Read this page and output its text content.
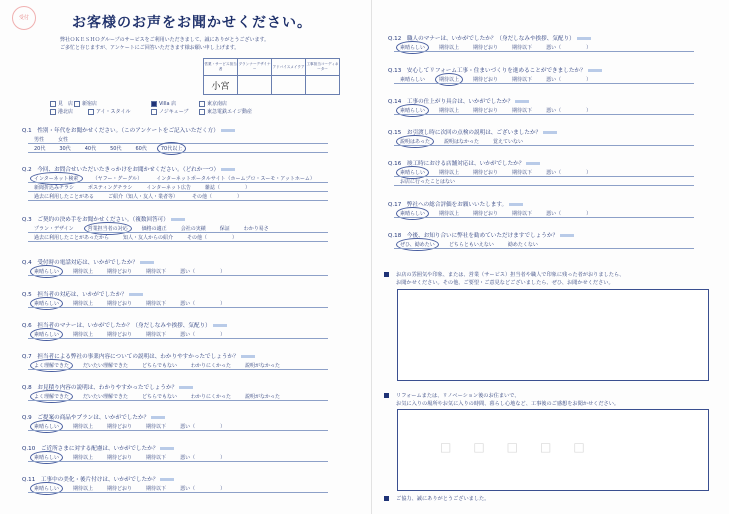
受付	お客様のお声をお聞かせください。
弊社ＯＫＥＳＨＯグループのサービスをご利用いただきまして、誠にありがとうございます。
ご多忙と存じますが、アンケートにご回答いただきます様お願い申し上げます。
営業・サービス担当者	プランナーデザイナー	アドバイスメイクア	工事担当コーディネーター
小宮			
見　店	新宿店	Villa 店	東京南店
港北店	アイ・スタイル	ノジキューブ	東急電鉄エイジ動産
Q.1　性別・年代をお聞かせください。（このアンケートをご記入いただく方）
男性	女性
20代	30代	40代	50代	60代	70代以上
Q.2　今回、お問合せいただいたきっかけをお聞かせください。（どれか一つ）
インターネット検索	（ヤフー・グーグル）	インターネットポータルサイト（ホームプロ・スーモ・アットホーム）
新聞折込みチラシ	ポスティングチラシ	インターネット広告	雑誌（　　　　　）
過去に利用したことがある	ご紹介（知人・友人・業者等）	その他（　　　　　）
Q.3　ご契約の決め手をお聞かせください。（複数回答可）
プラン・デザイン	営業担当者の対応	価格の適正	会社の実績	保証	わかり易さ
過去に利用したことがあったから	知人・友人からの紹介	その他（　　　　　）
Q.4　受付時の電話対応は、いかがでしたか？
素晴らしい	期待以上	期待どおり	期待以下	悪い（　　　　　）
Q.5　担当者の対応は、いかがでしたか？
素晴らしい	期待以上	期待どおり	期待以下	悪い（　　　　　）
Q.6　担当者のマナーは、いかがでしたか？（身だしなみや挨拶、気配り）
素晴らしい	期待以上	期待どおり	期待以下	悪い（　　　　　）
Q.7　担当者による弊社の事業内容についての説明は、わかりやすかったでしょうか？
よく理解できた	だいたい理解できた	どちらでもない	わかりにくかった	説明がなかった
Q.8　お見積り内容の説明は、わかりやすかったでしょうか？
よく理解できた	だいたい理解できた	どちらでもない	わかりにくかった	説明がなかった
Q.9　ご提案の商品やプランは、いかがでしたか？
素晴らしい	期待以上	期待どおり	期待以下	悪い（　　　　　）
Q.10　ご近所さまに対する配慮は、いかがでしたか？
素晴らしい	期待以上	期待どおり	期待以下	悪い（　　　　　）
Q.11　工事中の美化・後片付けは、いかがでしたか？
素晴らしい	期待以上	期待どおり	期待以下	悪い（　　　　　）
Q.12　職人のマナーは、いかがでしたか？（身だしなみや挨拶、気配り）
素晴らしい	期待以上	期待どおり	期待以下	悪い（　　　　　）
Q.13　安心してリフォーム工事・住まいづくりを進めることができましたか？
素晴らしい	期待以上	期待どおり	期待以下	悪い（　　　　　）
Q.14　工事の仕上がり具合は、いかがでしたか？
素晴らしい	期待以上	期待どおり	期待以下	悪い（　　　　　）
Q.15　お引渡し時に次回の点検の説明は、ございましたか？
説明はあった	説明はなかった	覚えていない
Q.16　竣工時における店舗対応は、いかがでしたか？
素晴らしい	期待以上	期待どおり	期待以下	悪い（　　　　　）
お店に行ったことはない
Q.17　弊社への総合評価をお願いいたします。
素晴らしい	期待以上	期待どおり	期待以下	悪い（　　　　　）
Q.18　今後、お知り合いに弊社を勧めていただけますでしょうか？
ぜひ、勧めたい	どちらともいえない	勧めたくない
お店の雰囲気や印象、または、営業（サービス）担当者や職人で印象に残った者がおりましたら、
お聞かせください。その他、ご要望・ご意見などございましたら、ぜひ、お聞かせください。
リフォームまたは、リノベーション後のお住まいで、
お気に入りの場所やお気に入りの時間、暮らし心地など、工事後のご感想をお聞かせください。
□□□□□
ご協力、誠にありがとうございました。
